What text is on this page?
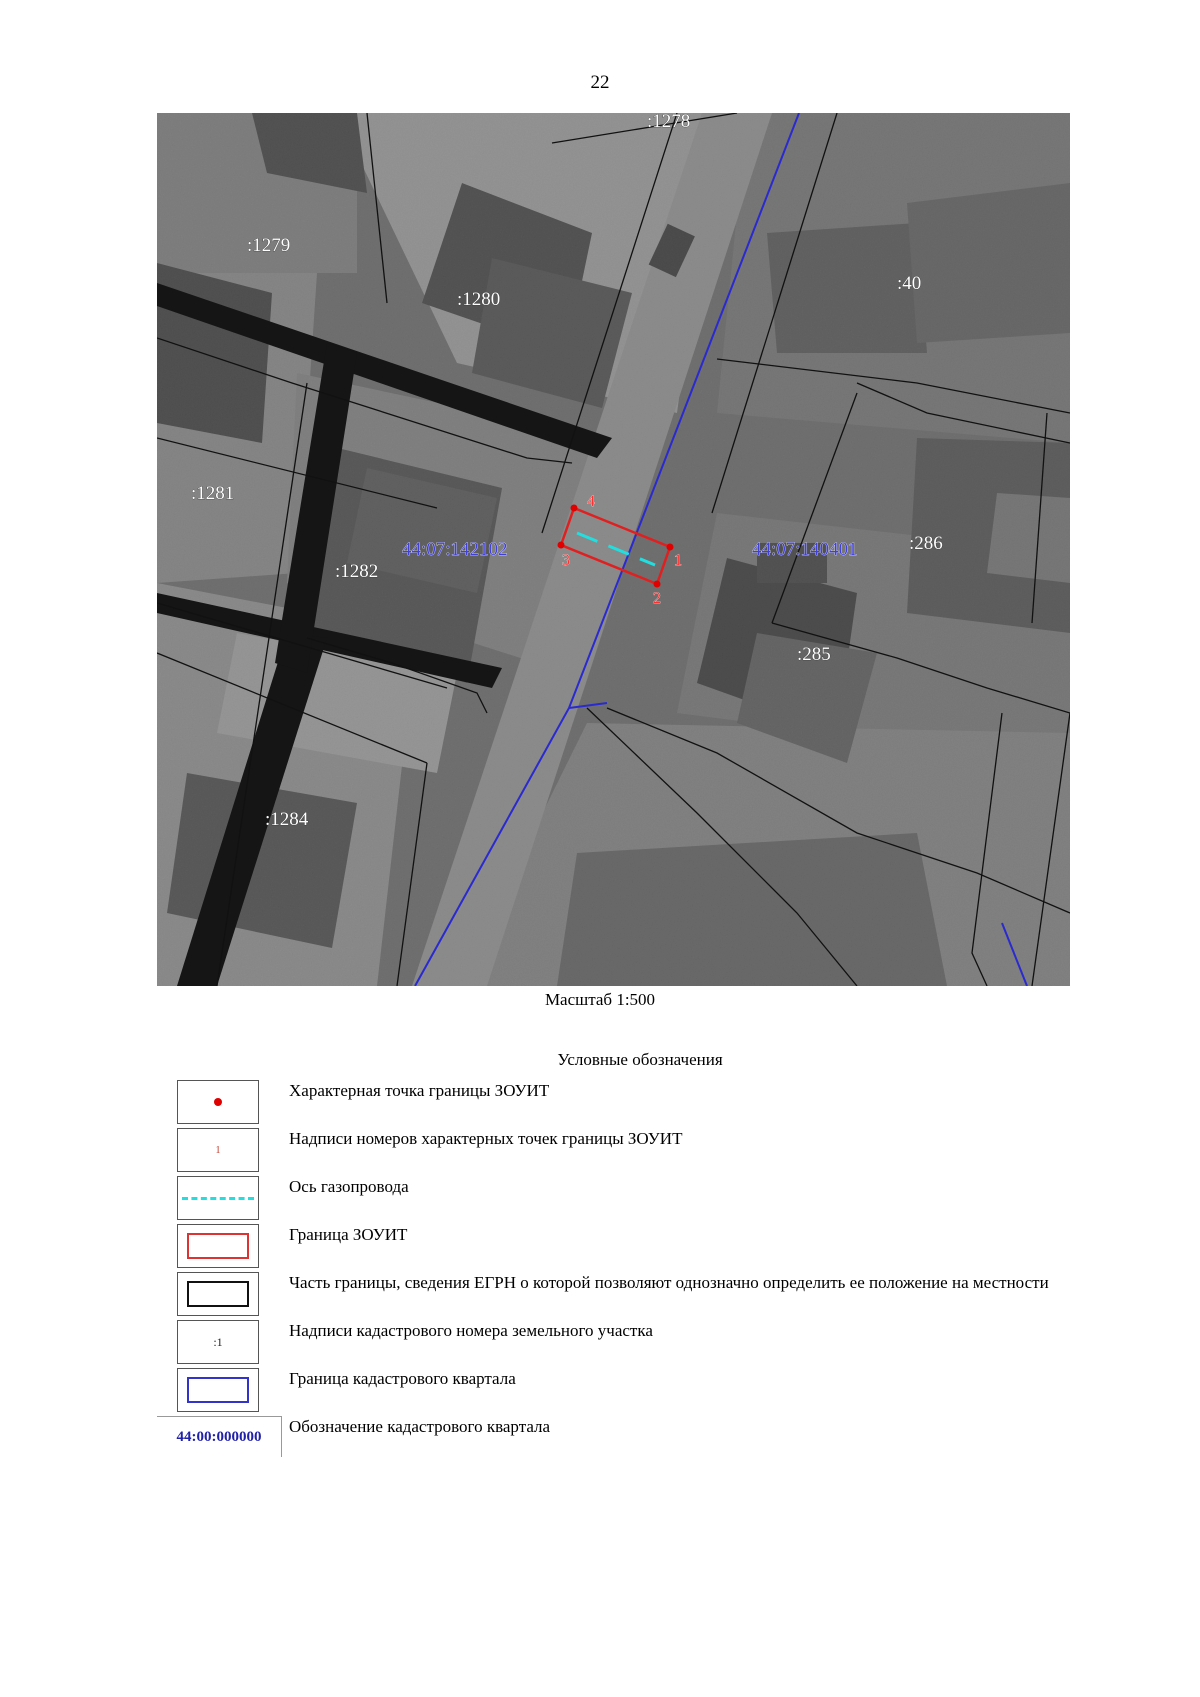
22
1
2
3
4
:1278
:1279
:1280
:40
:1281
:1282
:286
:285
:1284
44:07:142102	44:07:140401
Масштаб 1:500
Условные обозначения
Характерная точка границы ЗОУИТ
1
Надписи номеров характерных точек границы ЗОУИТ
Ось газопровода
Граница ЗОУИТ
Часть границы, сведения ЕГРН о которой позволяют однозначно определить ее положение на местности
:1
Надписи кадастрового номера земельного участка
Граница кадастрового квартала
44:00:000000
Обозначение кадастрового квартала
